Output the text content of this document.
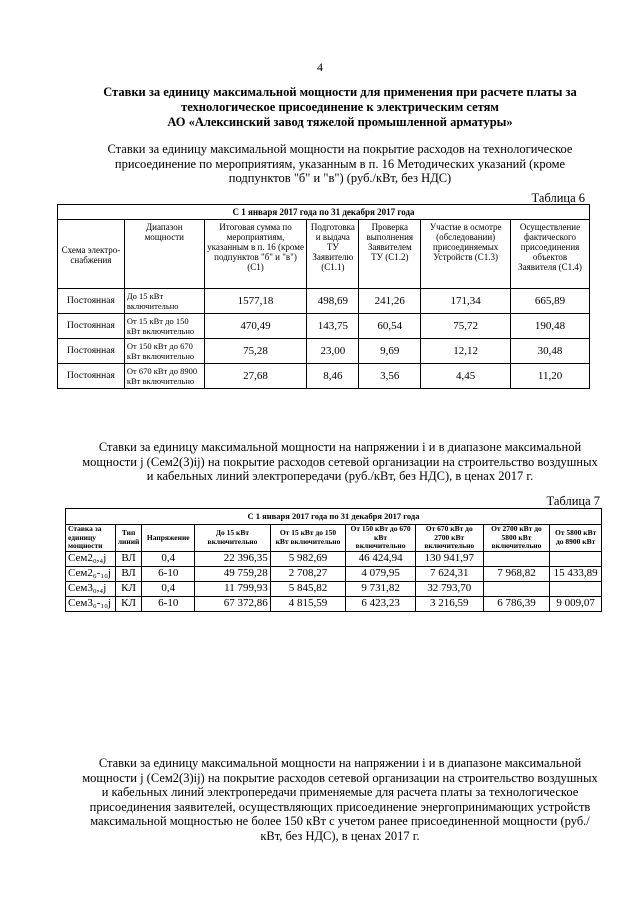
4
Ставки за единицу максимальной мощности для применения при расчете платы за
технологическое присоединение к электрическим сетям
АО «Алексинский завод тяжелой промышленной арматуры»
Ставки за единицу максимальной мощности на покрытие расходов на технологическое присоединение по мероприятиям, указанным в п. 16 Методических указаний (кроме подпунктов "б" и "в") (руб./кВт, без НДС)
Таблица 6
С 1 января 2017 года по 31 декабря 2017 года						
Схема электро-снабжения	Диапазон мощности	Итоговая сумма по мероприятиям, указанным в п. 16 (кроме подпунктов "б" и "в") (С1)	Подготовка и выдача ТУ Заявителю (С1.1)	Проверка выполнения Заявителем ТУ (С1.2)	Участие в осмотре (обследовании) присоединяемых Устройств (С1.3)	Осуществление фактического присоединения объектов Заявителя (С1.4)
Постоянная	До 15 кВт включительно	1577,18	498,69	241,26	171,34	665,89
Постоянная	От 15 кВт до 150 кВт включительно	470,49	143,75	60,54	75,72	190,48
Постоянная	От 150 кВт до 670 кВт включительно	75,28	23,00	9,69	12,12	30,48
Постоянная	От 670 кВт до 8900 кВт включительно	27,68	8,46	3,56	4,45	11,20
Ставки за единицу максимальной мощности на напряжении i и в диапазоне максимальной мощности j (Сем2(3)ij) на покрытие расходов сетевой организации на строительство воздушных и кабельных линий электропередачи (руб./кВт, без НДС), в ценах 2017 г.
Таблица 7
С 1 января 2017 года по 31 декабря 2017 года								
Ставка за единицу мощности	Тип линий	Напряжение	До 15 кВт включительно	От 15 кВт до 150 кВт включительно	От 150 кВт до 670 кВт включительно	От 670 кВт до 2700 кВт включительно	От 2700 кВт до 5800 кВт включительно	От 5800 кВт до 8900 кВт
Сем2₀,₄j	ВЛ	0,4	22 396,35	5 982,69	46 424,94	130 941,97		
Сем2₆-₁₀j	ВЛ	6-10	49 759,28	2 708,27	4 079,95	7 624,31	7 968,82	15 433,89
Сем3₀,₄j	КЛ	0,4	11 799,93	5 845,82	9 731,82	32 793,70		
Сем3₆-₁₀j	КЛ	6-10	67 372,86	4 815,59	6 423,23	3 216,59	6 786,39	9 009,07
Ставки за единицу максимальной мощности на напряжении i и в диапазоне максимальной мощности j (Сем2(3)ij) на покрытие расходов сетевой организации на строительство воздушных и кабельных линий электропередачи применяемые для расчета платы за технологическое присоединения заявителей, осуществляющих присоединение энергопринимающих устройств максимальной мощностью не более 150 кВт с учетом ранее присоединенной мощности (руб./кВт, без НДС), в ценах 2017 г.
